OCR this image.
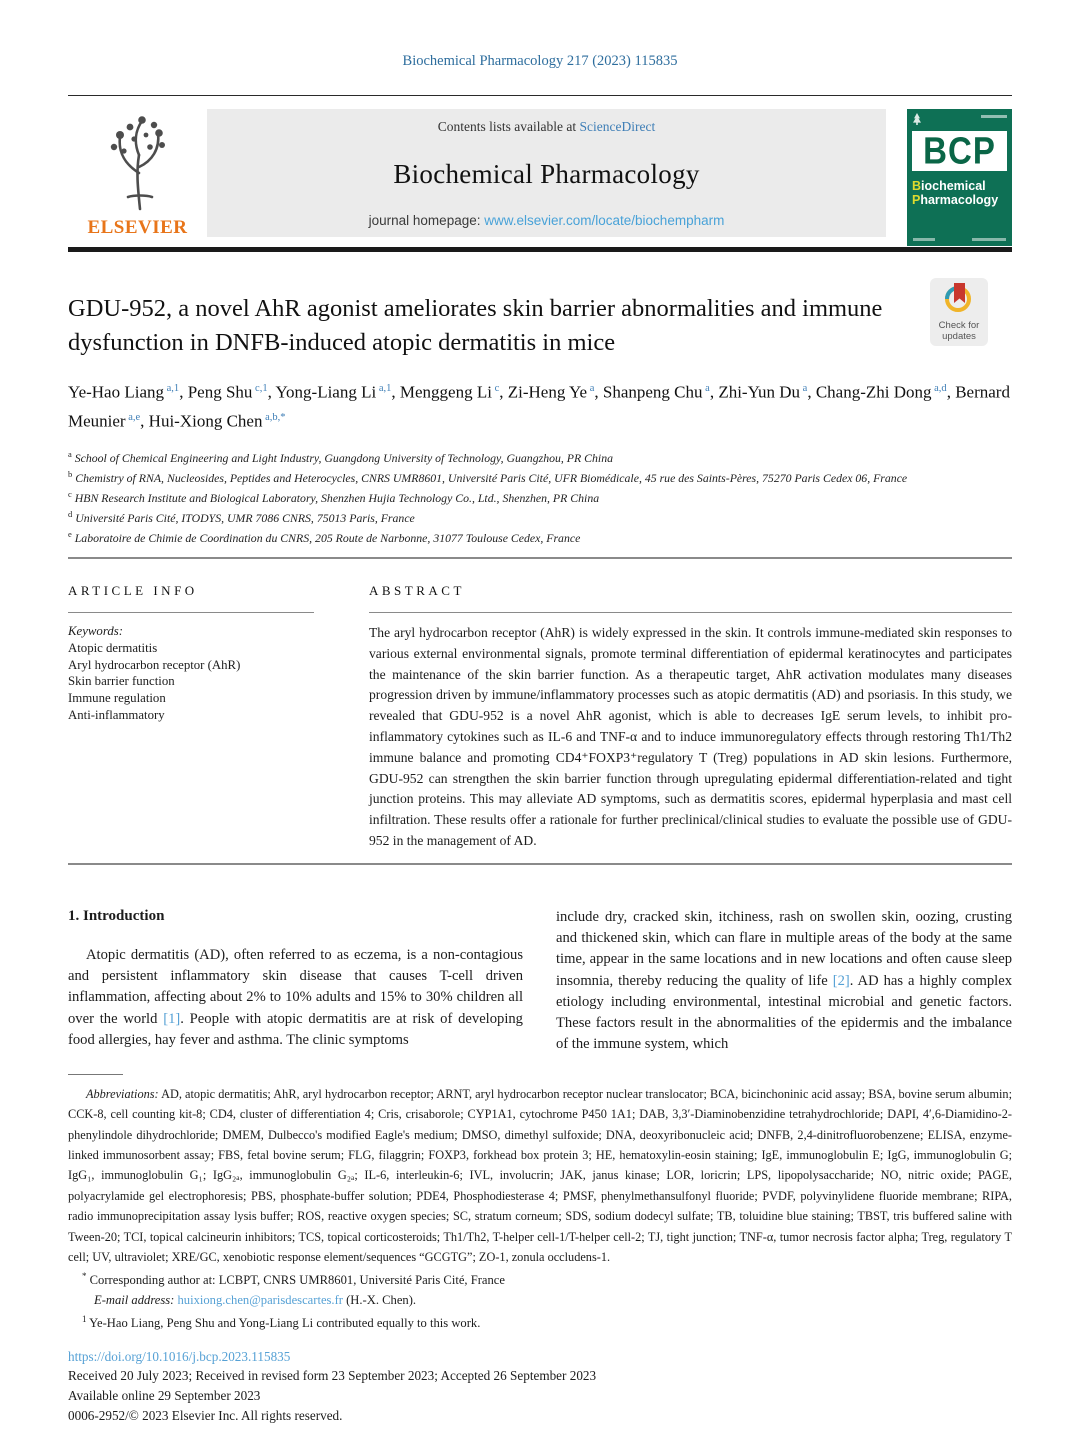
Biochemical Pharmacology 217 (2023) 115835
ELSEVIER
Contents lists available at ScienceDirect
Biochemical Pharmacology
journal homepage: www.elsevier.com/locate/biochempharm
BCP
Biochemical
Pharmacology
GDU-952, a novel AhR agonist ameliorates skin barrier abnormalities and immune dysfunction in DNFB-induced atopic dermatitis in mice
Check for
updates
Ye-Hao Liang $^{a,1}$, Peng Shu $^{c,1}$, Yong-Liang Li $^{a,1}$, Menggeng Li $^c$, Zi-Heng Ye $^a$, Shanpeng Chu $^a$, Zhi-Yun Du $^a$, Chang-Zhi Dong $^{a,d}$, Bernard Meunier $^{a,e}$, Hui-Xiong Chen $^{a,b,*}$
$^a$ School of Chemical Engineering and Light Industry, Guangdong University of Technology, Guangzhou, PR China
$^b$ Chemistry of RNA, Nucleosides, Peptides and Heterocycles, CNRS UMR8601, Université Paris Cité, UFR Biomédicale, 45 rue des Saints-Pères, 75270 Paris Cedex 06, France
$^c$ HBN Research Institute and Biological Laboratory, Shenzhen Hujia Technology Co., Ltd., Shenzhen, PR China
$^d$ Université Paris Cité, ITODYS, UMR 7086 CNRS, 75013 Paris, France
$^e$ Laboratoire de Chimie de Coordination du CNRS, 205 Route de Narbonne, 31077 Toulouse Cedex, France
ARTICLE INFO
Keywords:
Atopic dermatitis
Aryl hydrocarbon receptor (AhR)
Skin barrier function
Immune regulation
Anti-inflammatory
ABSTRACT
The aryl hydrocarbon receptor (AhR) is widely expressed in the skin. It controls immune-mediated skin responses to various external environmental signals, promote terminal differentiation of epidermal keratinocytes and participates the maintenance of the skin barrier function. As a therapeutic target, AhR activation modulates many diseases progression driven by immune/inflammatory processes such as atopic dermatitis (AD) and psoriasis. In this study, we revealed that GDU-952 is a novel AhR agonist, which is able to decreases IgE serum levels, to inhibit pro-inflammatory cytokines such as IL-6 and TNF-α and to induce immunoregulatory effects through restoring Th1/Th2 immune balance and promoting CD4⁺FOXP3⁺regulatory T (Treg) populations in AD skin lesions. Furthermore, GDU-952 can strengthen the skin barrier function through upregulating epidermal differentiation-related and tight junction proteins. This may alleviate AD symptoms, such as dermatitis scores, epidermal hyperplasia and mast cell infiltration. These results offer a rationale for further preclinical/clinical studies to evaluate the possible use of GDU-952 in the management of AD.
1. Introduction

Atopic dermatitis (AD), often referred to as eczema, is a non-contagious and persistent inflammatory skin disease that causes T-cell driven inflammation, affecting about 2% to 10% adults and 15% to 30% children all over the world [1]. People with atopic dermatitis are at risk of developing food allergies, hay fever and asthma. The clinic symptoms

include dry, cracked skin, itchiness, rash on swollen skin, oozing, crusting and thickened skin, which can flare in multiple areas of the body at the same time, appear in the same locations and in new locations and often cause sleep insomnia, thereby reducing the quality of life [2]. AD has a highly complex etiology including environmental, intestinal microbial and genetic factors. These factors result in the abnormalities of the epidermis and the imbalance of the immune system, which

Abbreviations: AD, atopic dermatitis; AhR, aryl hydrocarbon receptor; ARNT, aryl hydrocarbon receptor nuclear translocator; BCA, bicinchoninic acid assay; BSA, bovine serum albumin; CCK-8, cell counting kit-8; CD4, cluster of differentiation 4; Cris, crisaborole; CYP1A1, cytochrome P450 1A1; DAB, 3,3′-Diaminobenzidine tetrahydrochloride; DAPI, 4′,6-Diamidino-2-phenylindole dihydrochloride; DMEM, Dulbecco's modified Eagle's medium; DMSO, dimethyl sulfoxide; DNA, deoxyribonucleic acid; DNFB, 2,4-dinitrofluorobenzene; ELISA, enzyme-linked immunosorbent assay; FBS, fetal bovine serum; FLG, filaggrin; FOXP3, forkhead box protein 3; HE, hematoxylin-eosin staining; IgE, immunoglobulin E; IgG, immunoglobulin G; IgG₁, immunoglobulin G₁; IgG₂ₐ, immunoglobulin G₂ₐ; IL-6, interleukin-6; IVL, involucrin; JAK, janus kinase; LOR, loricrin; LPS, lipopolysaccharide; NO, nitric oxide; PAGE, polyacrylamide gel electrophoresis; PBS, phosphate-buffer solution; PDE4, Phosphodiesterase 4; PMSF, phenylmethansulfonyl fluoride; PVDF, polyvinylidene fluoride membrane; RIPA, radio immunoprecipitation assay lysis buffer; ROS, reactive oxygen species; SC, stratum corneum; SDS, sodium dodecyl sulfate; TB, toluidine blue staining; TBST, tris buffered saline with Tween-20; TCI, topical calcineurin inhibitors; TCS, topical corticosteroids; Th1/Th2, T-helper cell-1/T-helper cell-2; TJ, tight junction; TNF-α, tumor necrosis factor alpha; Treg, regulatory T cell; UV, ultraviolet; XRE/GC, xenobiotic response element/sequences “GCGTG”; ZO-1, zonula occludens-1.

* Corresponding author at: LCBPT, CNRS UMR8601, Université Paris Cité, France
E-mail address: huixiong.chen@parisdescartes.fr (H.-X. Chen).
$^1$ Ye-Hao Liang, Peng Shu and Yong-Liang Li contributed equally to this work.
https://doi.org/10.1016/j.bcp.2023.115835
Received 20 July 2023; Received in revised form 23 September 2023; Accepted 26 September 2023
Available online 29 September 2023
0006-2952/© 2023 Elsevier Inc. All rights reserved.
